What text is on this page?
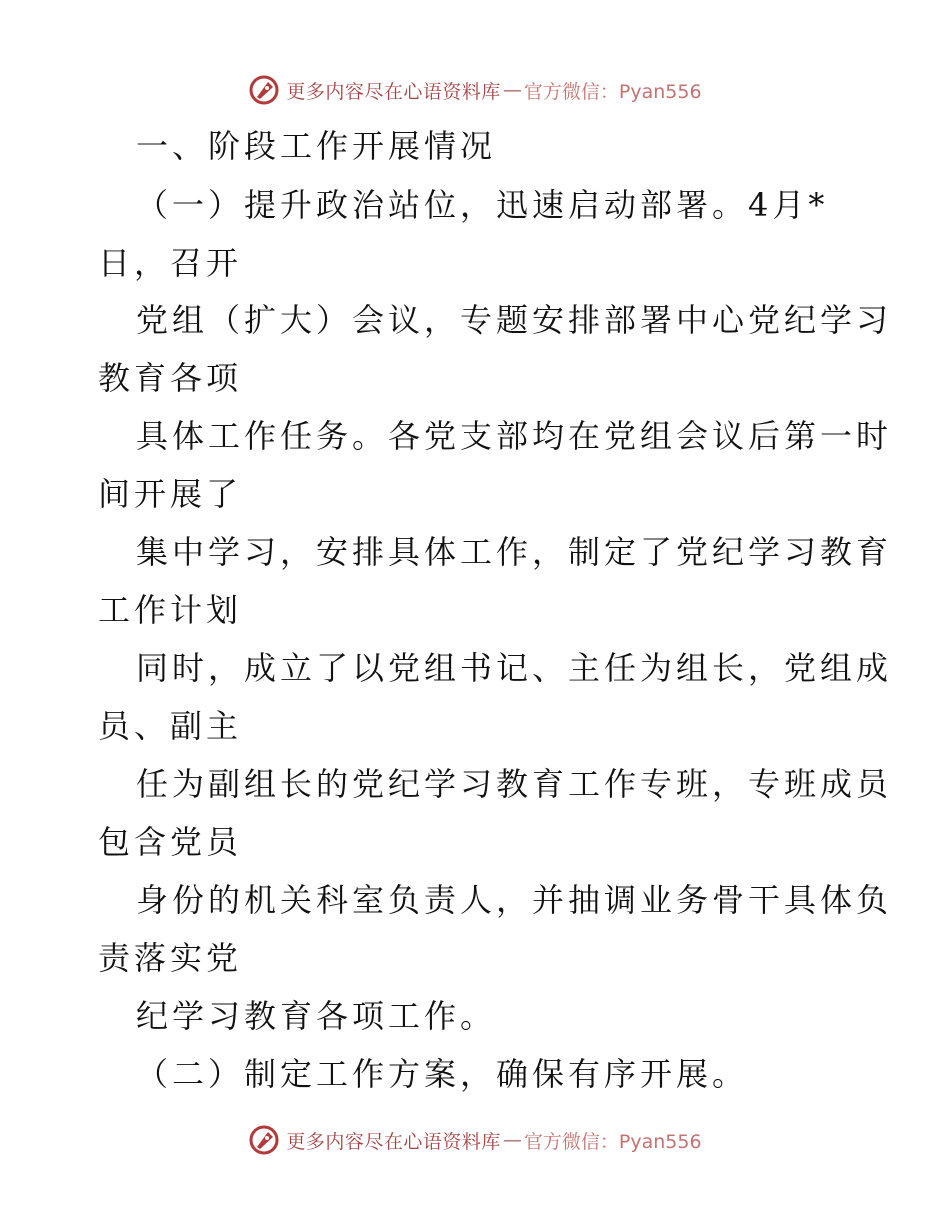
更多内容尽在心语资料库 — 官方微信：Pyan556
一、阶段工作开展情况
（一）提升政治站位，迅速启动部署。4月*
日，召开
党组（扩大）会议，专题安排部署中心党纪学习
教育各项
具体工作任务。各党支部均在党组会议后第一时
间开展了
集中学习，安排具体工作，制定了党纪学习教育
工作计划
同时，成立了以党组书记、主任为组长，党组成
员、副主
任为副组长的党纪学习教育工作专班，专班成员
包含党员
身份的机关科室负责人，并抽调业务骨干具体负
责落实党
纪学习教育各项工作。
（二）制定工作方案，确保有序开展。
更多内容尽在心语资料库 — 官方微信：Pyan556
